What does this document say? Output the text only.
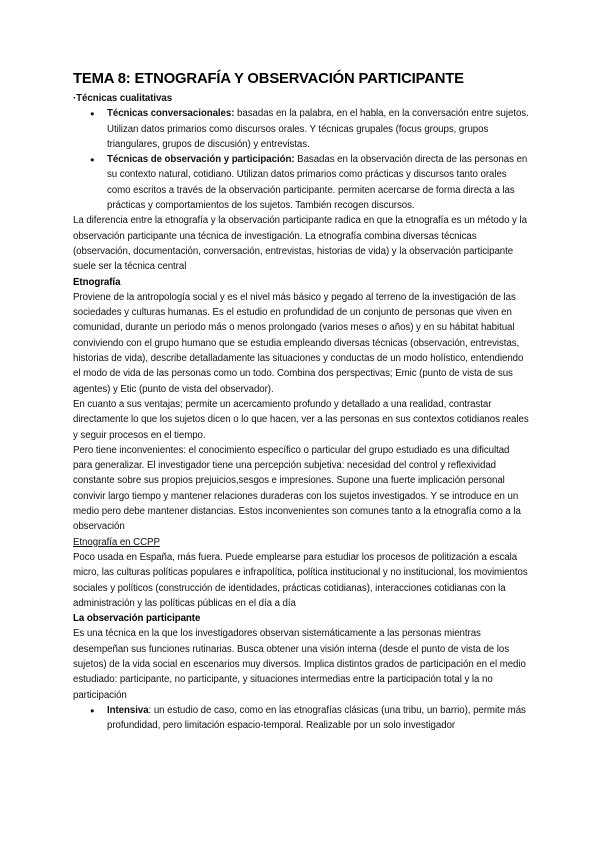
TEMA 8: ETNOGRAFÍA Y OBSERVACIÓN PARTICIPANTE

·Técnicas cualitativas

● Técnicas conversacionales: basadas en la palabra, en el habla, en la conversación entre sujetos. Utilizan datos primarios como discursos orales. Y técnicas grupales (focus groups, grupos triangulares, grupos de discusión) y entrevistas.
● Técnicas de observación y participación: Basadas en la observación directa de las personas en su contexto natural, cotidiano. Utilizan datos primarios como prácticas y discursos tanto orales como escritos a través de la observación participante. permiten acercarse de forma directa a las prácticas y comportamientos de los sujetos. También recogen discursos.

La diferencia entre la etnografía y la observación participante radica en que la etnografía es un método y la observación participante una técnica de investigación. La etnografía combina diversas técnicas (observación, documentación, conversación, entrevistas, historias de vida) y la observación participante suele ser la técnica central

Etnografía

Proviene de la antropología social y es el nivel más básico y pegado al terreno de la investigación de las sociedades y culturas humanas. Es el estudio en profundidad de un conjunto de personas que viven en comunidad, durante un periodo más o menos prolongado (varios meses o años) y en su hábitat habitual conviviendo con el grupo humano que se estudia empleando diversas técnicas (observación, entrevistas, historias de vida), describe detalladamente las situaciones y conductas de un modo holístico, entendiendo el modo de vida de las personas como un todo. Combina dos perspectivas; Emic (punto de vista de sus agentes) y Etic (punto de vista del observador).

En cuanto a sus ventajas; permite un acercamiento profundo y detallado a una realidad, contrastar directamente lo que los sujetos dicen o lo que hacen, ver a las personas en sus contextos cotidianos reales y seguir procesos en el tiempo.

Pero tiene inconvenientes: el conocimiento específico o particular del grupo estudiado es una dificultad para generalizar. El investigador tiene una percepción subjetiva: necesidad del control y reflexividad constante sobre sus propios prejuicios,sesgos e impresiones. Supone una fuerte implicación personal convivir largo tiempo y mantener relaciones duraderas con los sujetos investigados. Y se introduce en un medio pero debe mantener distancias. Estos inconvenientes son comunes tanto a la etnografía como a la observación

Etnografía en CCPP

Poco usada en España, más fuera. Puede emplearse para estudiar los procesos de politización a escala micro, las culturas políticas populares e infrapolítica, política institucional y no institucional, los movimientos sociales y políticos (construcción de identidades, prácticas cotidianas), interacciones cotidianas con la administración y las políticas públicas en el día a día

La observación participante

Es una técnica en la que los investigadores observan sistemáticamente a las personas mientras desempeñan sus funciones rutinarias. Busca obtener una visión interna (desde el punto de vista de los sujetos) de la vida social en escenarios muy diversos. Implica distintos grados de participación en el medio estudiado: participante, no participante, y situaciones intermedias entre la participación total y la no participación

● Intensiva: un estudio de caso, como en las etnografías clásicas (una tribu, un barrio), permite más profundidad, pero limitación espacio-temporal. Realizable por un solo investigador
